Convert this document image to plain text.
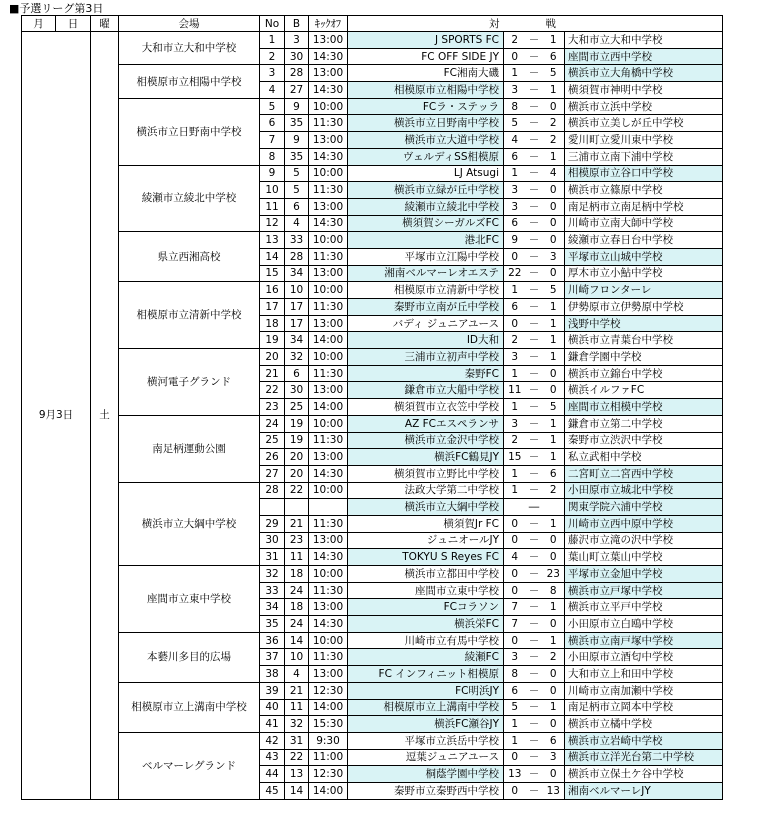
■予選リーグ第3日
月	日	曜	会場	No	B	ｷｯｸｵﾌ	対			戦	
9月3日		土	大和市立大和中学校	1	3	13:00	J SPORTS FC	2	－	1	大和市立大和中学校
				2	30	14:30	FC OFF SIDE JY	0	－	6	座間市立西中学校
			相模原市立相陽中学校	3	28	13:00	FC湘南大磯	1	－	5	横浜市立大角橋中学校
				4	27	14:30	相模原市立相陽中学校	3	－	1	横須賀市神明中学校
			横浜市立日野南中学校	5	9	10:00	FCラ・ステッラ	8	－	0	横浜市立浜中学校
				6	35	11:30	横浜市立日野南中学校	5	－	2	横浜市立美しが丘中学校
				7	9	13:00	横浜市立大道中学校	4	－	2	愛川町立愛川東中学校
				8	35	14:30	ヴェルディSS相模原	6	－	1	三浦市立南下浦中学校
			綾瀬市立綾北中学校	9	5	10:00	LJ Atsugi	1	－	4	相模原市立谷口中学校
				10	5	11:30	横浜市立緑が丘中学校	3	－	0	横浜市立篠原中学校
				11	6	13:00	綾瀬市立綾北中学校	3	－	0	南足柄市立南足柄中学校
				12	4	14:30	横須賀シーガルズFC	6	－	0	川崎市立南大師中学校
			県立西湘高校	13	33	10:00	港北FC	9	－	0	綾瀬市立春日台中学校
				14	28	11:30	平塚市立江陽中学校	0	－	3	平塚市立山城中学校
				15	34	13:00	湘南ベルマーレオエステ	22	－	0	厚木市立小鮎中学校
			相模原市立清新中学校	16	10	10:00	相模原市立清新中学校	1	－	5	川崎フロンターレ
				17	17	11:30	秦野市立南が丘中学校	6	－	1	伊勢原市立伊勢原中学校
				18	17	13:00	バディ ジュニアユース	0	－	1	浅野中学校
				19	34	14:00	ID大和	2	－	1	横浜市立青葉台中学校
			横河電子グランド	20	32	10:00	三浦市立初声中学校	3	－	1	鎌倉学園中学校
				21	6	11:30	秦野FC	1	－	0	横浜市立錦台中学校
				22	30	13:00	鎌倉市立大船中学校	11	－	0	横浜イルファFC
				23	25	14:00	横須賀市立衣笠中学校	1	－	5	座間市立相模中学校
			南足柄運動公園	24	19	10:00	AZ FCエスペランサ	3	－	1	鎌倉市立第二中学校
				25	19	11:30	横浜市立金沢中学校	2	－	1	秦野市立渋沢中学校
				26	20	13:00	横浜FC鶴見JY	15	－	1	私立武相中学校
				27	20	14:30	横須賀市立野比中学校	1	－	6	二宮町立二宮西中学校
			横浜市立大綱中学校	28	22	10:00	法政大学第二中学校	1	－	2	小田原市立城北中学校
							横浜市立大綱中学校		―		関東学院六浦中学校
				29	21	11:30	横須賀Jr FC	0	－	1	川崎市立西中原中学校
				30	23	13:00	ジュニオールJY	0	－	0	藤沢市立滝の沢中学校
				31	11	14:30	TOKYU S Reyes FC	4	－	0	葉山町立葉山中学校
			座間市立東中学校	32	18	10:00	横浜市立都田中学校	0	－	23	平塚市立金旭中学校
				33	24	11:30	座間市立東中学校	0	－	8	横浜市立戸塚中学校
				34	18	13:00	FCコラソン	7	－	1	横浜市立平戸中学校
				35	24	14:30	横浜栄FC	7	－	0	小田原市立白鴎中学校
			本藝川多目的広場	36	14	10:00	川崎市立有馬中学校	0	－	1	横浜市立南戸塚中学校
				37	10	11:30	綾瀬FC	3	－	2	小田原市立酒匂中学校
				38	4	13:00	FC インフィニット相模原	8	－	0	大和市立上和田中学校
			相模原市立上溝南中学校	39	21	12:30	FC明浜JY	6	－	0	川崎市立南加瀬中学校
				40	11	14:00	相模原市立上溝南中学校	5	－	1	南足柄市立岡本中学校
				41	32	15:30	横浜FC瀬谷JY	1	－	0	横浜市立橘中学校
			ベルマーレグランド	42	31	9:30	平塚市立浜岳中学校	1	－	6	横浜市立岩崎中学校
				43	22	11:00	逗葉ジュニアユース	0	－	3	横浜市立洋光台第二中学校
				44	13	12:30	桐蔭学園中学校	13	－	0	横浜市立保土ケ谷中学校
				45	14	14:00	秦野市立秦野西中学校	0	－	13	湘南ベルマーレJY
